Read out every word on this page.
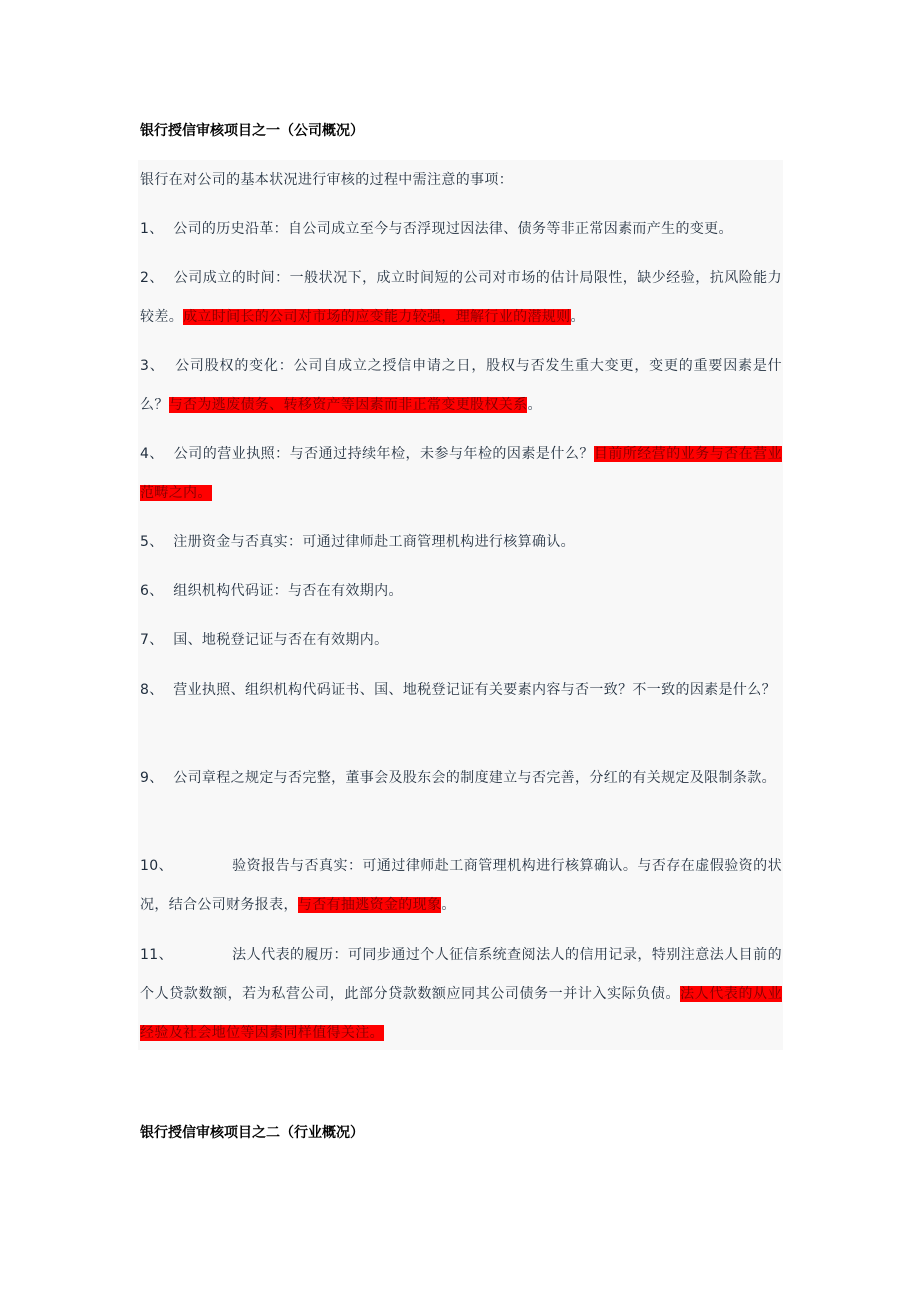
银行授信审核项目之一（公司概况）
银行在对公司的基本状况进行审核的过程中需注意的事项：
1、 公司的历史沿革：自公司成立至今与否浮现过因法律、债务等非正常因素而产生的变更。
2、 公司成立的时间：一般状况下，成立时间短的公司对市场的估计局限性，缺少经验，抗风险能力较差。成立时间长的公司对市场的应变能力较强，理解行业的潜规则。
3、 公司股权的变化：公司自成立之授信申请之日，股权与否发生重大变更，变更的重要因素是什么？与否为逃废债务、转移资产等因素而非正常变更股权关系。
4、 公司的营业执照：与否通过持续年检，未参与年检的因素是什么？目前所经营的业务与否在营业范畴之内。
5、 注册资金与否真实：可通过律师赴工商管理机构进行核算确认。
6、 组织机构代码证：与否在有效期内。
7、 国、地税登记证与否在有效期内。
8、 营业执照、组织机构代码证书、国、地税登记证有关要素内容与否一致？不一致的因素是什么？
9、 公司章程之规定与否完整，董事会及股东会的制度建立与否完善，分红的有关规定及限制条款。
10、	验资报告与否真实：可通过律师赴工商管理机构进行核算确认。与否存在虚假验资的状况，结合公司财务报表，与否有抽逃资金的现象。
11、	法人代表的履历：可同步通过个人征信系统查阅法人的信用记录，特别注意法人目前的个人贷款数额，若为私营公司，此部分贷款数额应同其公司债务一并计入实际负债。法人代表的从业经验及社会地位等因素同样值得关注。
银行授信审核项目之二（行业概况）
